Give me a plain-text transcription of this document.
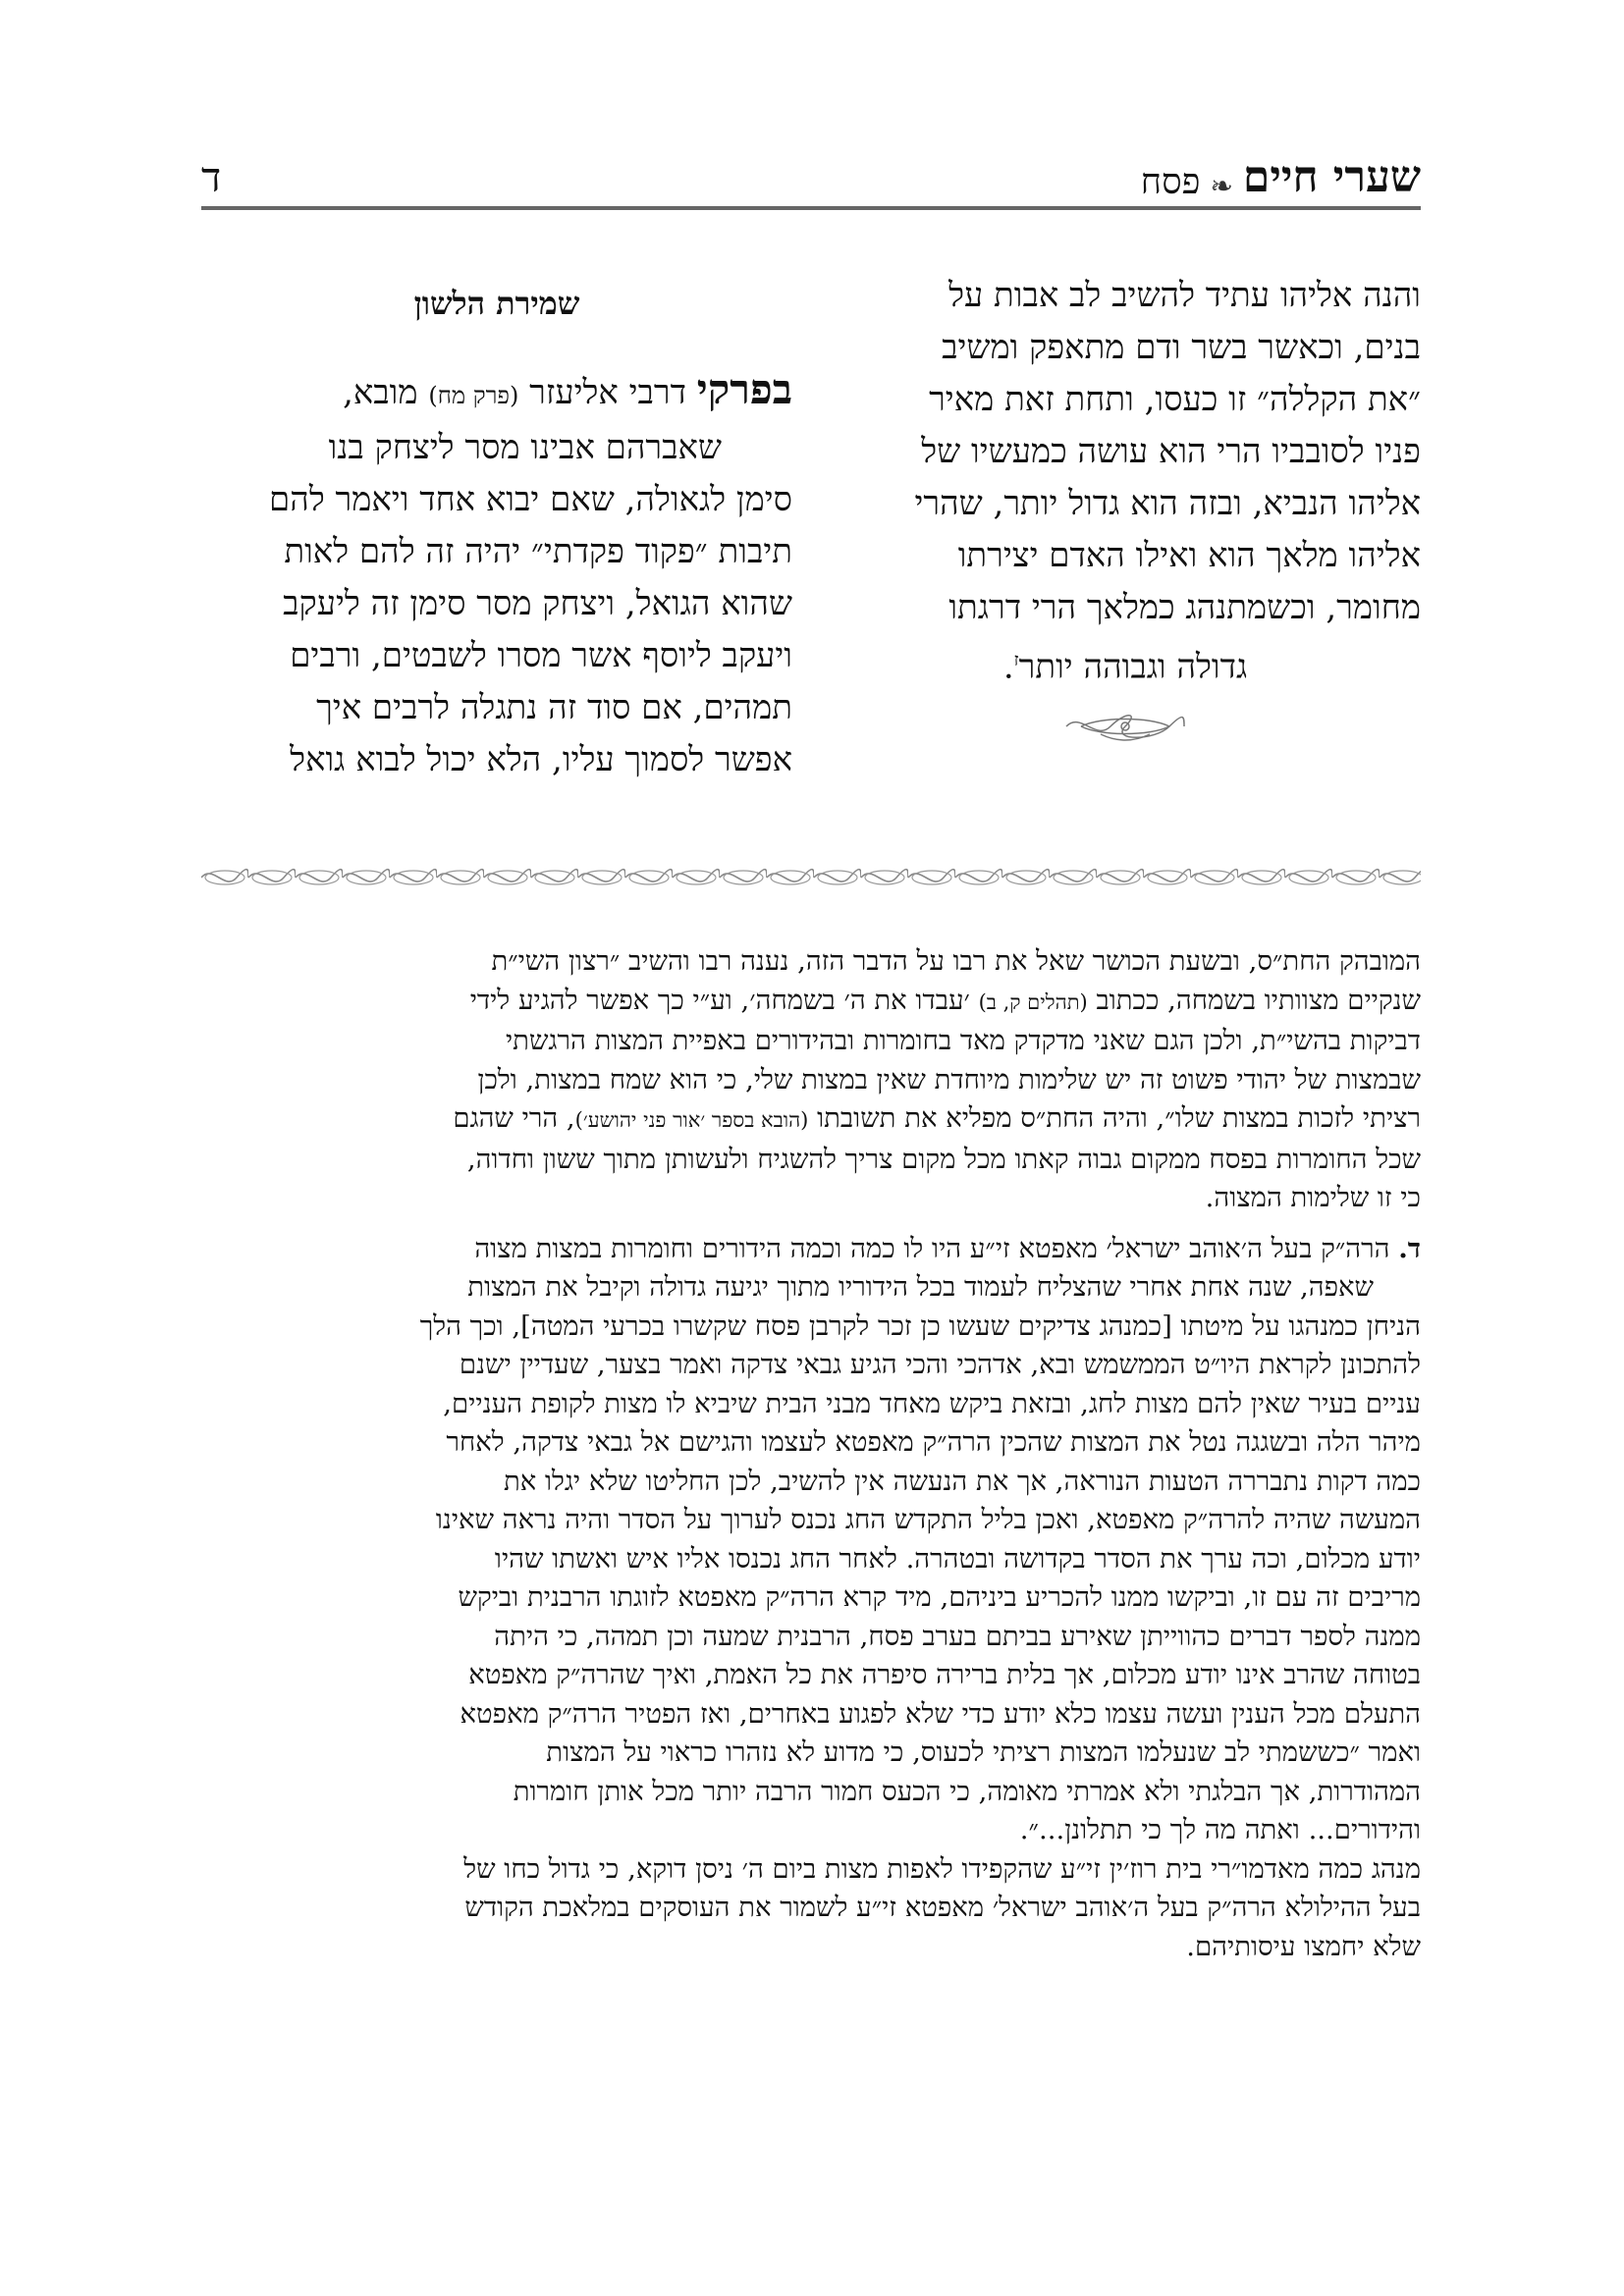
שערי חיים
❧
פסח
ד

והנה אליהו עתיד להשיב לב אבות על

בנים, וכאשר בשר ודם מתאפק ומשיב

״את הקללה״ זו כעסו, ותחת זאת מאיר

פניו לסובביו הרי הוא עושה כמעשיו של

אליהו הנביא, ובזה הוא גדול יותר, שהרי

אליהו מלאך הוא ואילו האדם יצירתו

מחומר, וכשמתנהג כמלאך הרי דרגתו

גדולה וגבוהה יותר$^ז$.

שמירת הלשון

בפרקי דרבי אליעזר (פרק מח) מובא,

שאברהם אבינו מסר ליצחק בנו

סימן לגאולה, שאם יבוא אחד ויאמר להם

תיבות ״פקוד פקדתי״ יהיה זה להם לאות

שהוא הגואל, ויצחק מסר סימן זה ליעקב

ויעקב ליוסף אשר מסרו לשבטים, ורבים

תמהים, אם סוד זה נתגלה לרבים איך

אפשר לסמוך עליו, הלא יכול לבוא גואל

המובהק החת״ס, ובשעת הכושר שאל את רבו על הדבר הזה, נענה רבו והשיב ״רצון השי״ת

שנקיים מצוותיו בשמחה, ככתוב (תהלים ק, ב) ׳עבדו את ה׳ בשמחה׳, וע״י כך אפשר להגיע לידי

דביקות בהשי״ת, ולכן הגם שאני מדקדק מאד בחומרות ובהידורים באפיית המצות הרגשתי

שבמצות של יהודי פשוט זה יש שלימות מיוחדת שאין במצות שלי, כי הוא שמח במצות, ולכן

רציתי לזכות במצות שלו״, והיה החת״ס מפליא את תשובתו (הובא בספר ׳אור פני יהושע׳), הרי שהגם

שכל החומרות בפסח ממקום גבוה קאתו מכל מקום צריך להשגיח ולעשותן מתוך ששון וחדוה,

כי זו שלימות המצוה.

ד. הרה״ק בעל ה׳אוהב ישראל׳ מאפטא זי״ע היו לו כמה וכמה הידורים וחומרות במצות מצוה

שאפה, שנה אחת אחרי שהצליח לעמוד בכל הידוריו מתוך יגיעה גדולה וקיבל את המצות

הניחן כמנהגו על מיטתו [כמנהג צדיקים שעשו כן זכר לקרבן פסח שקשרו בכרעי המטה], וכך הלך

להתכונן לקראת היו״ט הממשמש ובא, אדהכי והכי הגיע גבאי צדקה ואמר בצער, שעדיין ישנם

עניים בעיר שאין להם מצות לחג, ובזאת ביקש מאחד מבני הבית שיביא לו מצות לקופת העניים,

מיהר הלה ובשגגה נטל את המצות שהכין הרה״ק מאפטא לעצמו והגישם אל גבאי צדקה, לאחר

כמה דקות נתבררה הטעות הנוראה, אך את הנעשה אין להשיב, לכן החליטו שלא יגלו את

המעשה שהיה להרה״ק מאפטא, ואכן בליל התקדש החג נכנס לערוך על הסדר והיה נראה שאינו

יודע מכלום, וכה ערך את הסדר בקדושה ובטהרה. לאחר החג נכנסו אליו איש ואשתו שהיו

מריבים זה עם זו, וביקשו ממנו להכריע ביניהם, מיד קרא הרה״ק מאפטא לזוגתו הרבנית וביקש

ממנה לספר דברים כהווייתן שאירע בביתם בערב פסח, הרבנית שמעה וכן תמהה, כי היתה

בטוחה שהרב אינו יודע מכלום, אך בלית ברירה סיפרה את כל האמת, ואיך שהרה״ק מאפטא

התעלם מכל הענין ועשה עצמו כלא יודע כדי שלא לפגוע באחרים, ואז הפטיר הרה״ק מאפטא

ואמר ״כששמתי לב שנעלמו המצות רציתי לכעוס, כי מדוע לא נזהרו כראוי על המצות

המהודרות, אך הבלגתי ולא אמרתי מאומה, כי הכעס חמור הרבה יותר מכל אותן חומרות

והידורים... ואתה מה לך כי תתלונן...״.

מנהג כמה מאדמו״רי בית רוז׳ין זי״ע שהקפידו לאפות מצות ביום ה׳ ניסן דוקא, כי גדול כחו של

בעל ההילולא הרה״ק בעל ה׳אוהב ישראל׳ מאפטא זי״ע לשמור את העוסקים במלאכת הקודש

שלא יחמצו עיסותיהם.
